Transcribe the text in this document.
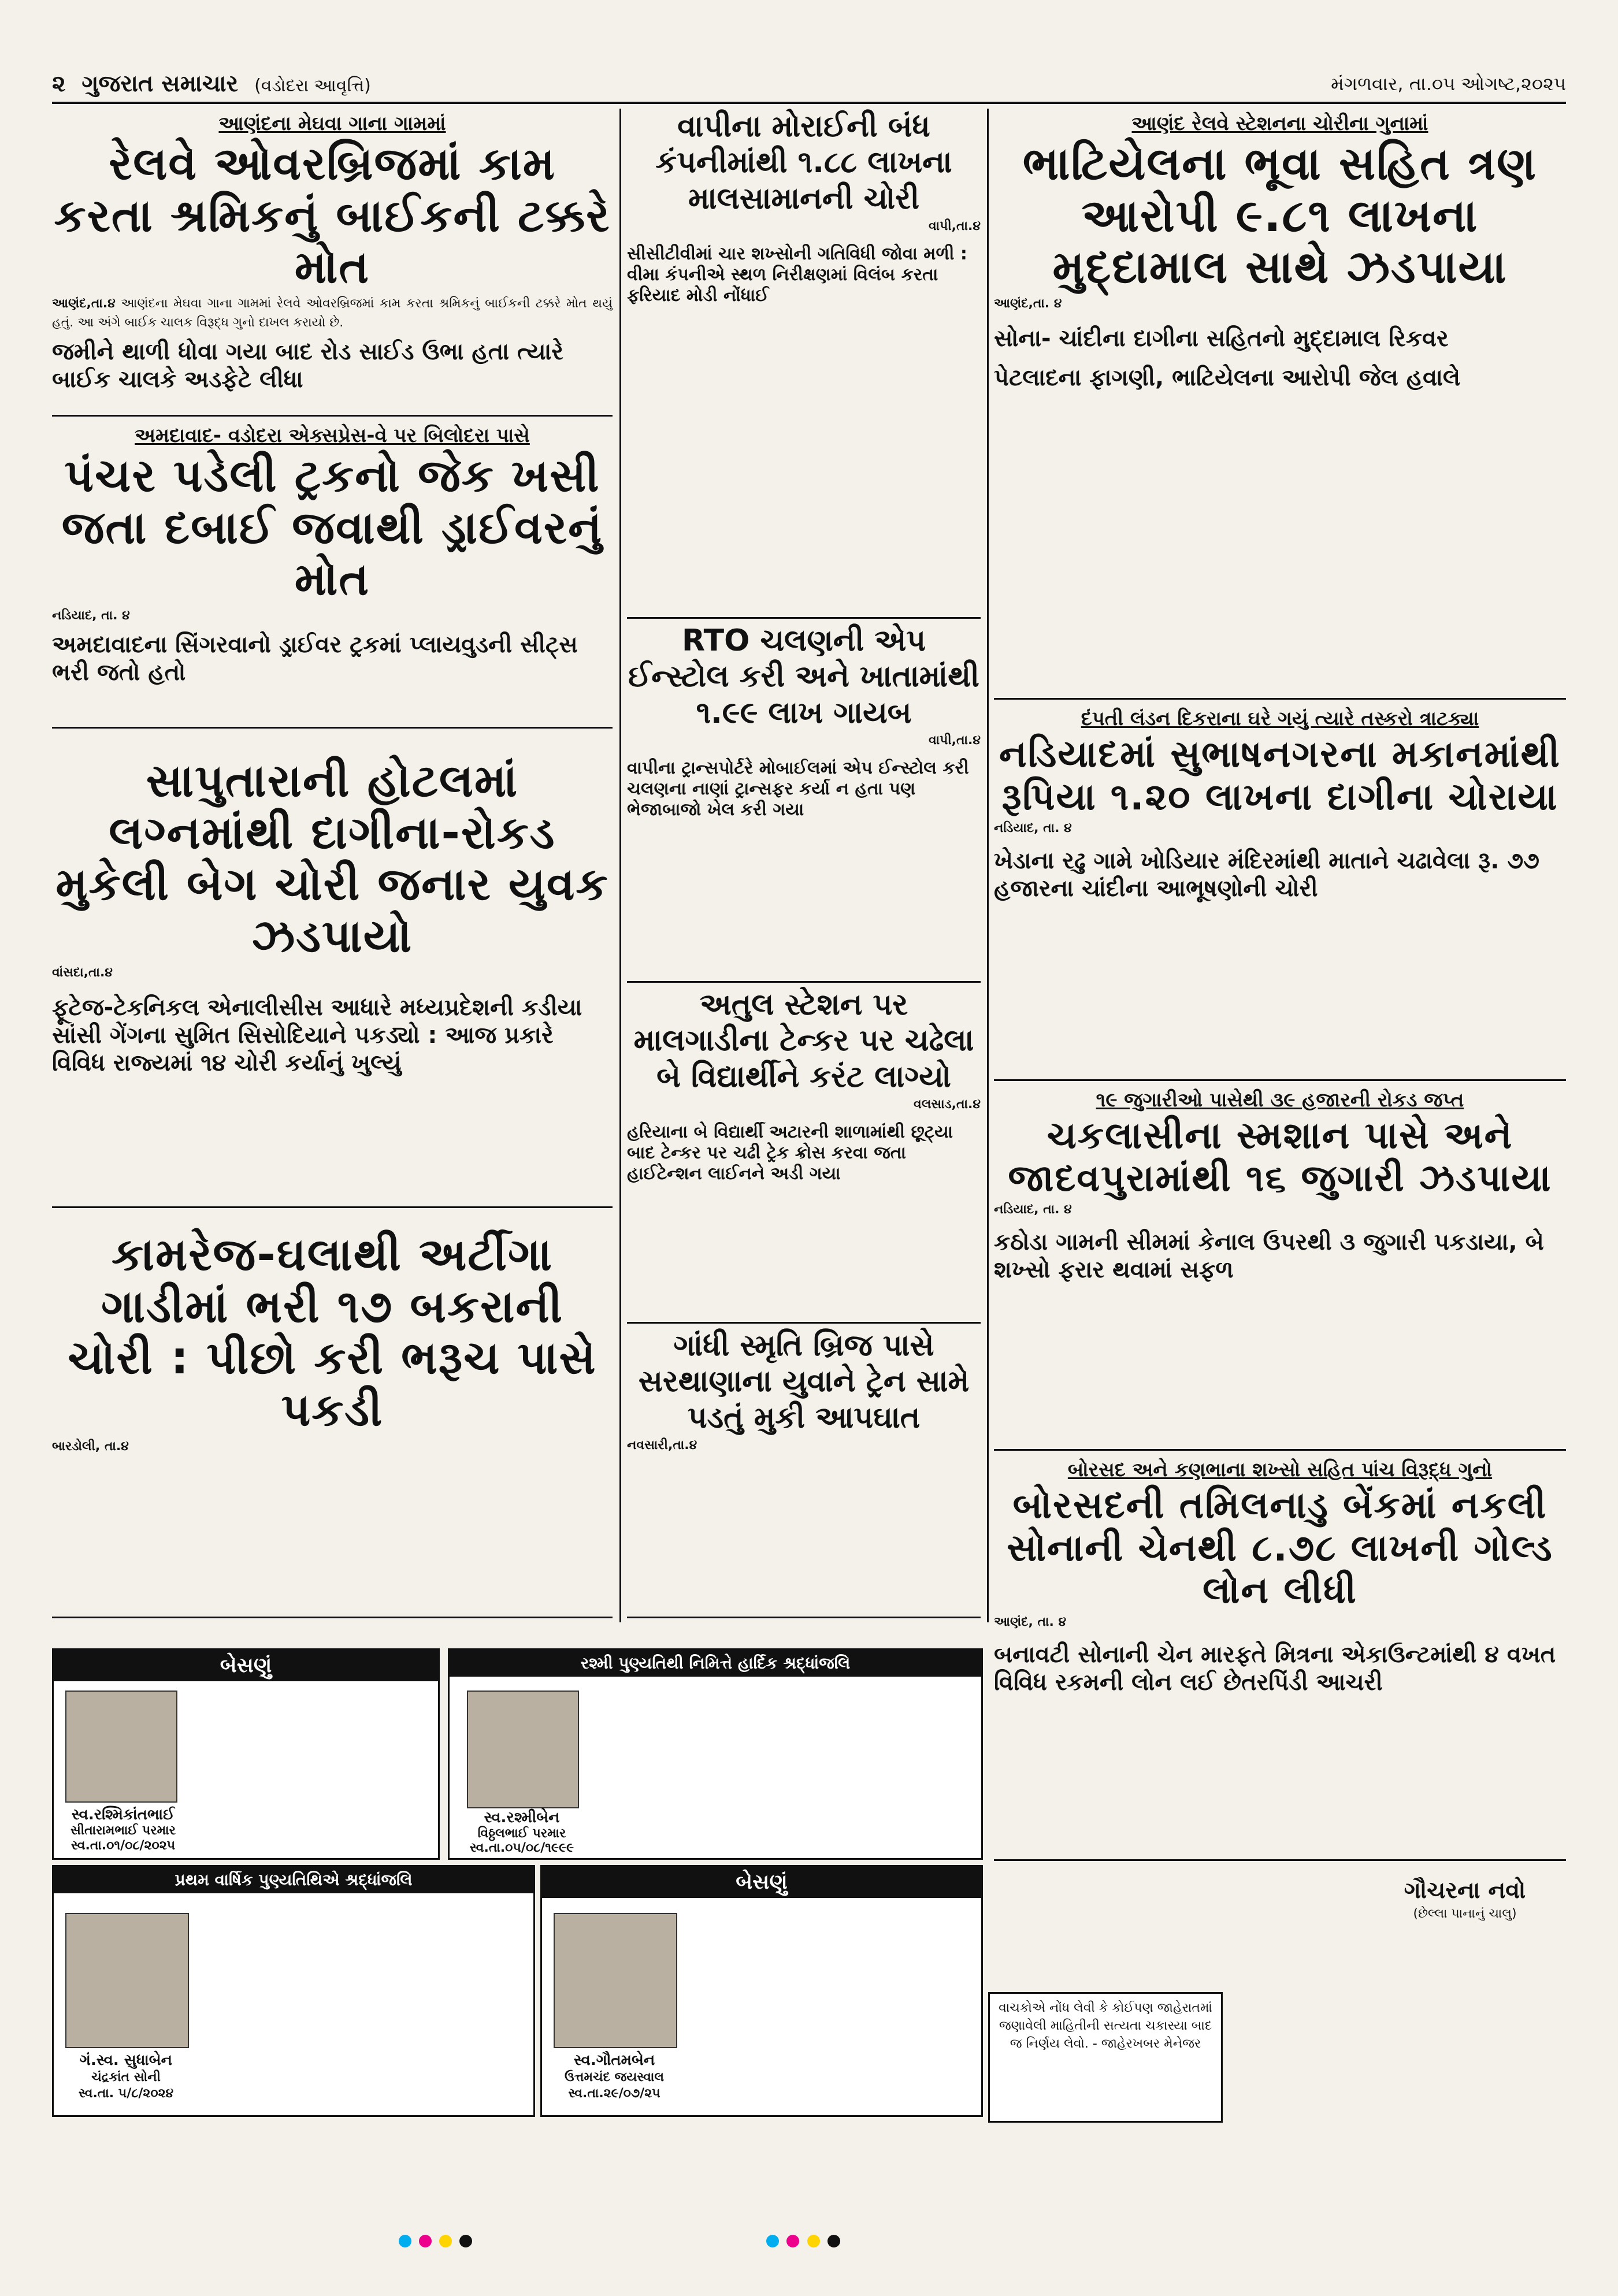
૨ ગુજરાત સમાચાર (વડોદરા આવૃત્તિ)	મંગળવાર, તા.૦૫ ઓગષ્ટ,૨૦૨૫
આણંદના મેઘવા ગાના ગામમાં
રેલવે ઓવરબ્રિજમાં કામ કરતા શ્રમિકનું બાઈકની ટક્કરે મોત
આણંદ,તા.૪ આણંદના મેઘવા ગાના ગામમાં રેલવે ઓવરબ્રિજમાં કામ કરતા શ્રમિકનું બાઈકની ટક્કરે મોત થયું હતું. આ અંગે બાઈક ચાલક વિરૂદ્ધ ગુનો દાખલ કરાયો છે.
જમીને થાળી ધોવા ગયા બાદ રોડ સાઈડ ઉભા હતા ત્યારે બાઈક ચાલકે અડફેટે લીધા
અમદાવાદ- વડોદરા એક્સપ્રેસ-વે પર બિલોદરા પાસે
પંચર પડેલી ટ્રકનો જેક ખસી જતા દબાઈ જવાથી ડ્રાઈવરનું મોત
નડિયાદ, તા. ૪
અમદાવાદના સિંગરવાનો ડ્રાઈવર ટ્રકમાં પ્લાયવુડની સીટ્સ ભરી જતો હતો
સાપુતારાની હોટલમાં લગ્નમાંથી દાગીના-રોકડ મુકેલી બેગ ચોરી જનાર યુવક ઝડપાયો
વાંસદા,તા.૪
ફૂટેજ-ટેકનિકલ એનાલીસીસ આધારે મધ્યપ્રદેશની કડીયા સાંસી ગેંગના સુમિત સિસોદિયાને પકડ્યો : આજ પ્રકારે વિવિધ રાજ્યમાં ૧૪ ચોરી કર્યાનું ખુલ્યું
કામરેજ-ઘલાથી અર્ટીગા ગાડીમાં ભરી ૧૭ બકરાની ચોરી : પીછો કરી ભરૂચ પાસે પકડી
બારડોલી, તા.૪
વાપીના મોરાઈની બંધ કંપનીમાંથી ૧.૮૮ લાખના માલસામાનની ચોરી
વાપી,તા.૪
સીસીટીવીમાં ચાર શખ્સોની ગતિવિધી જોવા મળી : વીમા કંપનીએ સ્થળ નિરીક્ષણમાં વિલંબ કરતા ફરિયાદ મોડી નોંધાઈ
RTO ચલણની એપ ઈન્સ્ટોલ કરી અને ખાતામાંથી ૧.૯૯ લાખ ગાયબ
વાપી,તા.૪
વાપીના ટ્રાન્સપોર્ટરે મોબાઈલમાં એપ ઈન્સ્ટોલ કરી ચલણના નાણાં ટ્રાન્સફર કર્યા ન હતા પણ ભેજાબાજો ખેલ કરી ગયા
અતુલ સ્ટેશન પર માલગાડીના ટેન્કર પર ચઢેલા બે વિદ્યાર્થીને કરંટ લાગ્યો
વલસાડ,તા.૪
હરિયાના બે વિદ્યાર્થી અટારની શાળામાંથી છૂટ્યા બાદ ટેન્કર પર ચઢી ટ્રેક ક્રોસ કરવા જતા હાઈટેન્શન લાઈનને અડી ગયા
ગાંધી સ્મૃતિ બ્રિજ પાસે સરથાણાના યુવાને ટ્રેન સામે પડતું મુકી આપઘાત
નવસારી,તા.૪
આણંદ રેલવે સ્ટેશનના ચોરીના ગુનામાં
ભાટિયેલના ભૂવા સહિત ત્રણ આરોપી ૯.૮૧ લાખના મુદ્દામાલ સાથે ઝડપાયા
આણંદ,તા. ૪
સોના- ચાંદીના દાગીના સહિતનો મુદ્દામાલ રિકવર
પેટલાદના ફાગણી, ભાટિયેલના આરોપી જેલ હવાલે
દંપતી લંડન દિકરાના ઘરે ગયું ત્યારે તસ્કરો ત્રાટક્યા
નડિયાદમાં સુભાષનગરના મકાનમાંથી રૂપિયા ૧.૨૦ લાખના દાગીના ચોરાયા
નડિયાદ, તા. ૪
ખેડાના રઢુ ગામે ખોડિયાર મંદિરમાંથી માતાને ચઢાવેલા રૂ. ૭૭ હજારના ચાંદીના આભૂષણોની ચોરી
૧૯ જુગારીઓ પાસેથી ૩૯ હજારની રોકડ જપ્ત
ચકલાસીના સ્મશાન પાસે અને જાદવપુરામાંથી ૧૬ જુગારી ઝડપાયા
નડિયાદ, તા. ૪
કઠોડા ગામની સીમમાં કેનાલ ઉપરથી ૩ જુગારી પકડાયા, બે શખ્સો ફરાર થવામાં સફળ
બોરસદ અને કણભાના શખ્સો સહિત પાંચ વિરૂદ્ધ ગુનો
બોરસદની તમિલનાડુ બેંકમાં નકલી સોનાની ચેનથી ૮.૭૮ લાખની ગોલ્ડ લોન લીધી
આણંદ, તા. ૪
બનાવટી સોનાની ચેન મારફતે મિત્રના એકાઉન્ટમાંથી ૪ વખત વિવિધ રકમની લોન લઈ છેતરપિંડી આચરી
ગૌચરના નવો
(છેલ્લા પાનાનું ચાલુ)
બેસણું
સ્વ.રશ્મિકાંતભાઈ
સીતારામભાઈ પરમાર
સ્વ.તા.૦૧/૦૮/૨૦૨૫
રશ્મી પુણ્યતિથી નિમિત્તે હાર્દિક શ્રદ્ધાંજલિ
સ્વ.રશ્મીબેન
વિઠ્ઠલભાઈ પરમાર
સ્વ.તા.૦૫/૦૮/૧૯૯૯
પ્રથમ વાર્ષિક પુણ્યતિથિએ શ્રદ્ધાંજલિ
ગં.સ્વ. સુધાબેન
ચંદ્રકાંત સોની
સ્વ.તા. ૫/૮/૨૦૨૪
બેસણું
સ્વ.ગૌતમબેન
ઉત્તમચંદ જયસ્વાલ
સ્વ.તા.૨૯/૦૭/૨૫
વાચકોએ નોંધ લેવી કે કોઈપણ જાહેરાતમાં જણાવેલી માહિતીની સત્યતા ચકાસ્યા બાદ જ નિર્ણય લેવો. - જાહેરખબર મેનેજર
